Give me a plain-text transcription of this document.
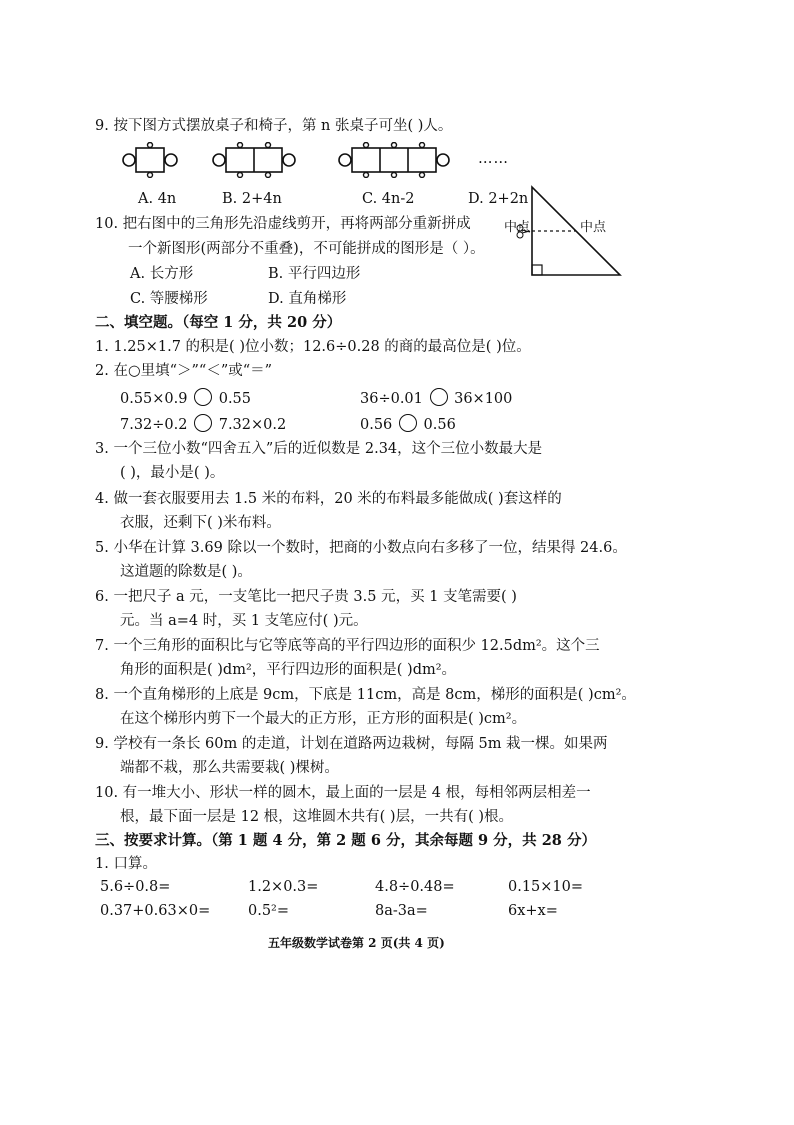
9. 按下图方式摆放桌子和椅子，第 n 张桌子可坐( )人。
……
A. 4n	B. 2+4n	C. 4n-2	D. 2+2n
10. 把右图中的三角形先沿虚线剪开，再将两部分重新拼成
一个新图形(两部分不重叠)，不可能拼成的图形是（ ）。
A. 长方形	B. 平行四边形
C. 等腰梯形	D. 直角梯形
中点	中点
二、填空题。（每空 1 分，共 20 分）
1. 1.25×1.7 的积是( )位小数；12.6÷0.28 的商的最高位是( )位。
2. 在○里填“＞”“＜”或“＝”
0.55×0.9 0.55	36÷0.01 36×100
7.32÷0.2 7.32×0.2	0.56 0.56
3. 一个三位小数“四舍五入”后的近似数是 2.34，这个三位小数最大是
( )，最小是( )。
4. 做一套衣服要用去 1.5 米的布料，20 米的布料最多能做成( )套这样的
衣服，还剩下( )米布料。
5. 小华在计算 3.69 除以一个数时，把商的小数点向右多移了一位，结果得 24.6。
这道题的除数是( )。
6. 一把尺子 a 元，一支笔比一把尺子贵 3.5 元，买 1 支笔需要( )
元。当 a=4 时，买 1 支笔应付( )元。
7. 一个三角形的面积比与它等底等高的平行四边形的面积少 12.5dm²。这个三
角形的面积是( )dm²，平行四边形的面积是( )dm²。
8. 一个直角梯形的上底是 9cm，下底是 11cm，高是 8cm，梯形的面积是( )cm²。
在这个梯形内剪下一个最大的正方形，正方形的面积是( )cm²。
9. 学校有一条长 60m 的走道，计划在道路两边栽树，每隔 5m 栽一棵。如果两
端都不栽，那么共需要栽( )棵树。
10. 有一堆大小、形状一样的圆木，最上面的一层是 4 根，每相邻两层相差一
根，最下面一层是 12 根，这堆圆木共有( )层，一共有( )根。
三、按要求计算。（第 1 题 4 分，第 2 题 6 分，其余每题 9 分，共 28 分）
1. 口算。
5.6÷0.8=	1.2×0.3=	4.8÷0.48=	0.15×10=
0.37+0.63×0=	0.5²=	8a-3a=	6x+x=
五年级数学试卷第 2 页(共 4 页)
